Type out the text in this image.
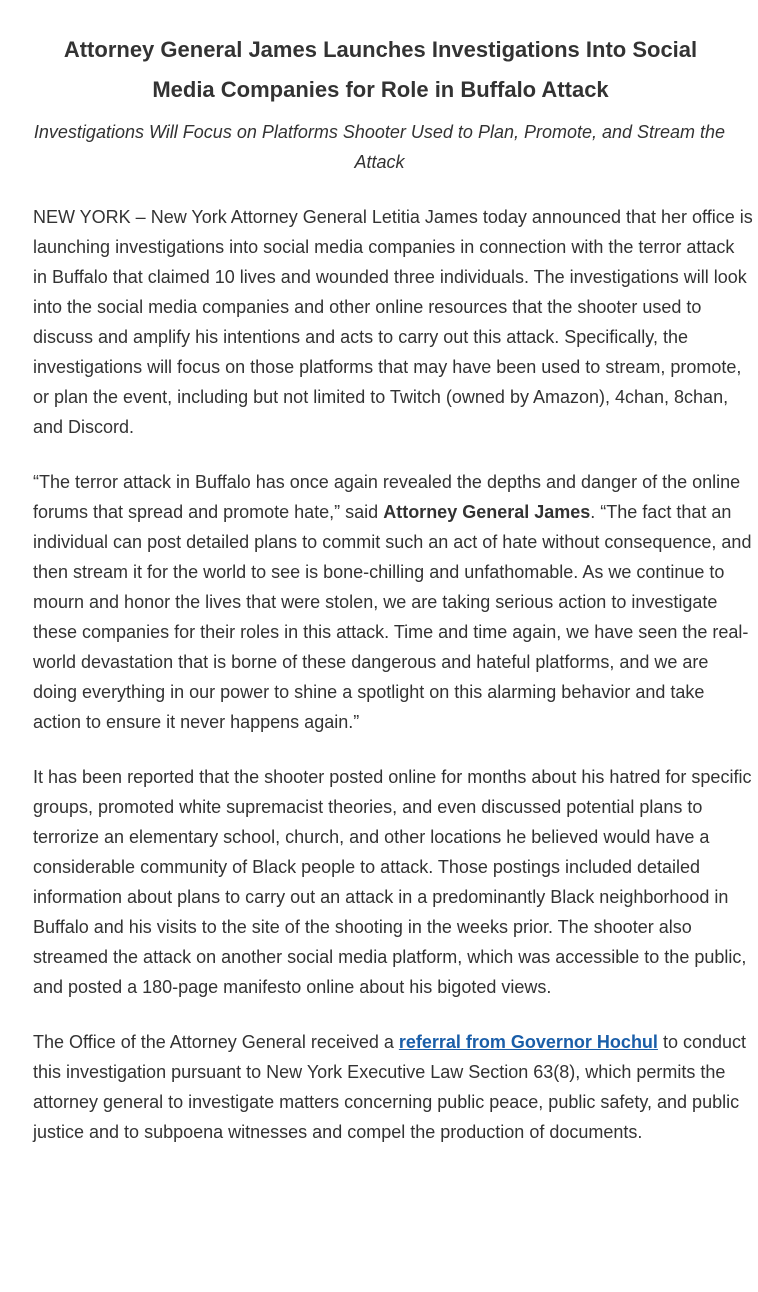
Attorney General James Launches Investigations Into Social Media Companies for Role in Buffalo Attack
Investigations Will Focus on Platforms Shooter Used to Plan, Promote, and Stream the Attack

NEW YORK – New York Attorney General Letitia James today announced that her office is launching investigations into social media companies in connection with the terror attack in Buffalo that claimed 10 lives and wounded three individuals. The investigations will look into the social media companies and other online resources that the shooter used to discuss and amplify his intentions and acts to carry out this attack. Specifically, the investigations will focus on those platforms that may have been used to stream, promote, or plan the event, including but not limited to Twitch (owned by Amazon), 4chan, 8chan, and Discord.

“The terror attack in Buffalo has once again revealed the depths and danger of the online forums that spread and promote hate,” said Attorney General James. “The fact that an individual can post detailed plans to commit such an act of hate without consequence, and then stream it for the world to see is bone-chilling and unfathomable. As we continue to mourn and honor the lives that were stolen, we are taking serious action to investigate these companies for their roles in this attack. Time and time again, we have seen the real-world devastation that is borne of these dangerous and hateful platforms, and we are doing everything in our power to shine a spotlight on this alarming behavior and take action to ensure it never happens again.”

It has been reported that the shooter posted online for months about his hatred for specific groups, promoted white supremacist theories, and even discussed potential plans to terrorize an elementary school, church, and other locations he believed would have a considerable community of Black people to attack. Those postings included detailed information about plans to carry out an attack in a predominantly Black neighborhood in Buffalo and his visits to the site of the shooting in the weeks prior. The shooter also streamed the attack on another social media platform, which was accessible to the public, and posted a 180-page manifesto online about his bigoted views.

The Office of the Attorney General received a referral from Governor Hochul to conduct this investigation pursuant to New York Executive Law Section 63(8), which permits the attorney general to investigate matters concerning public peace, public safety, and public justice and to subpoena witnesses and compel the production of documents.
